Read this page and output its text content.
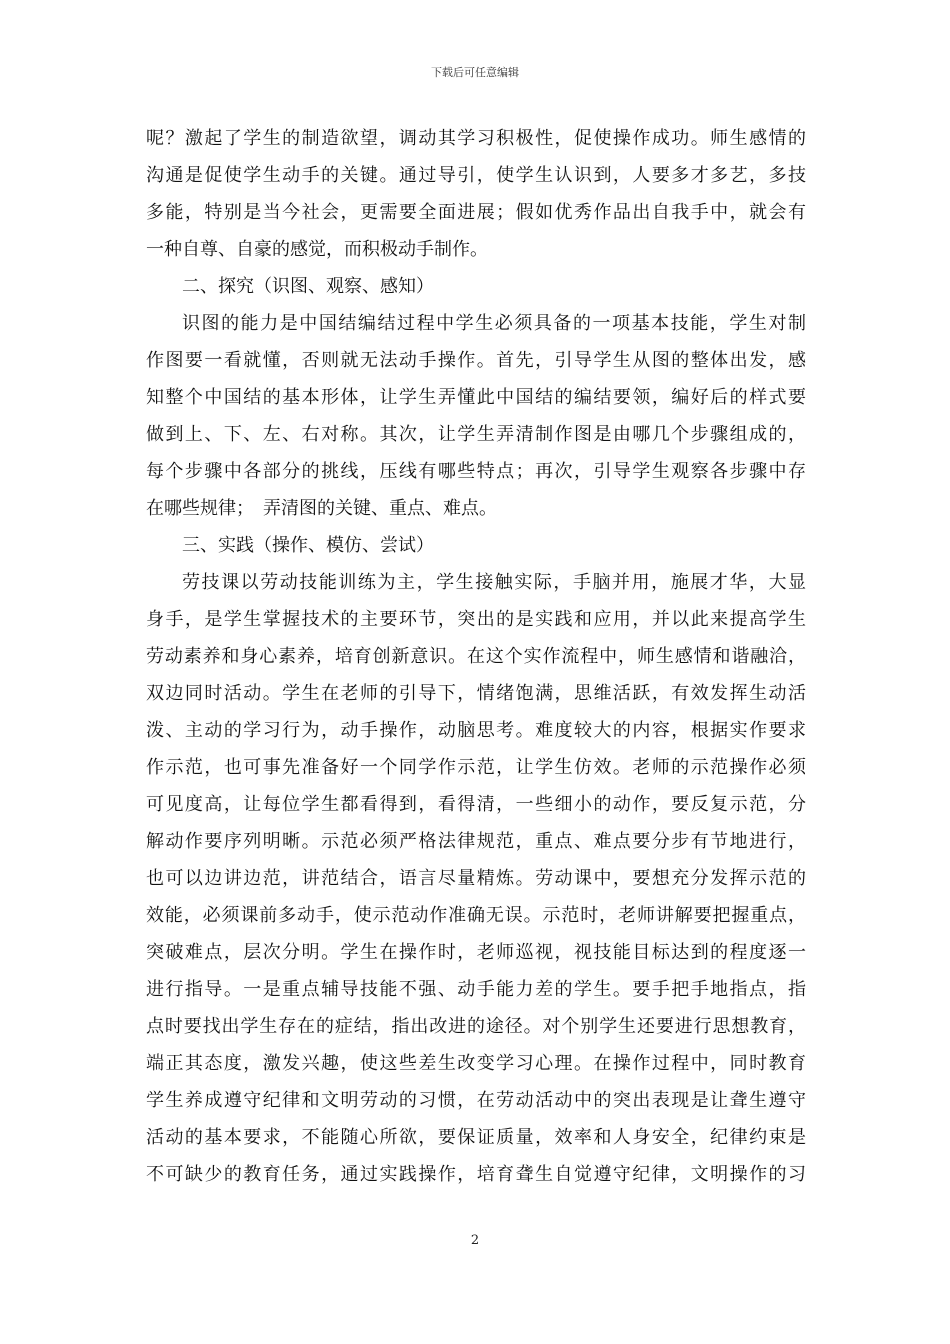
下载后可任意编辑
呢？激起了学生的制造欲望，调动其学习积极性，促使操作成功。师生感情的
沟通是促使学生动手的关键。通过导引，使学生认识到，人要多才多艺，多技
多能，特别是当今社会，更需要全面进展；假如优秀作品出自我手中，就会有
一种自尊、自豪的感觉，而积极动手制作。
二、探究（识图、观察、感知）
识图的能力是中国结编结过程中学生必须具备的一项基本技能，学生对制
作图要一看就懂，否则就无法动手操作。首先，引导学生从图的整体出发，感
知整个中国结的基本形体，让学生弄懂此中国结的编结要领，编好后的样式要
做到上、下、左、右对称。其次，让学生弄清制作图是由哪几个步骤组成的，
每个步骤中各部分的挑线，压线有哪些特点；再次，引导学生观察各步骤中存
在哪些规律；　弄清图的关键、重点、难点。
三、实践（操作、模仿、尝试）
劳技课以劳动技能训练为主，学生接触实际，手脑并用，施展才华，大显
身手，是学生掌握技术的主要环节，突出的是实践和应用，并以此来提高学生
劳动素养和身心素养，培育创新意识。在这个实作流程中，师生感情和谐融洽，
双边同时活动。学生在老师的引导下，情绪饱满，思维活跃，有效发挥生动活
泼、主动的学习行为，动手操作，动脑思考。难度较大的内容，根据实作要求
作示范，也可事先准备好一个同学作示范，让学生仿效。老师的示范操作必须
可见度高，让每位学生都看得到，看得清，一些细小的动作，要反复示范，分
解动作要序列明晰。示范必须严格法律规范，重点、难点要分步有节地进行，
也可以边讲边范，讲范结合，语言尽量精炼。劳动课中，要想充分发挥示范的
效能，必须课前多动手，使示范动作准确无误。示范时，老师讲解要把握重点，
突破难点，层次分明。学生在操作时，老师巡视，视技能目标达到的程度逐一
进行指导。一是重点辅导技能不强、动手能力差的学生。要手把手地指点，指
点时要找出学生存在的症结，指出改进的途径。对个别学生还要进行思想教育，
端正其态度，激发兴趣，使这些差生改变学习心理。在操作过程中，同时教育
学生养成遵守纪律和文明劳动的习惯，在劳动活动中的突出表现是让聋生遵守
活动的基本要求，不能随心所欲，要保证质量，效率和人身安全，纪律约束是
不可缺少的教育任务，通过实践操作，培育聋生自觉遵守纪律，文明操作的习
2
